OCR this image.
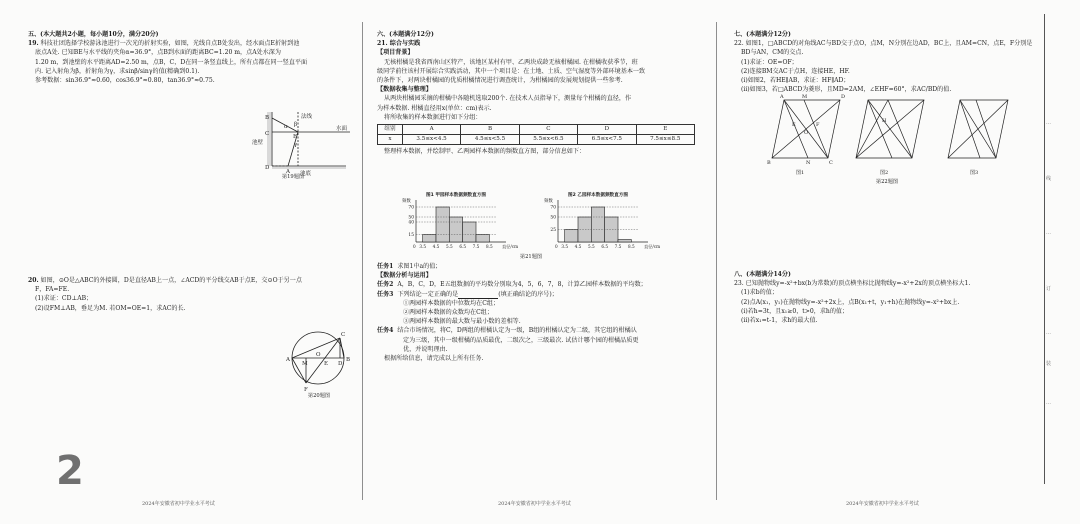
五、(本大题共2小题，每小题10分，满分20分)

19. 科技社团选择学校游泳池进行一次光的折射实验，如图，光线自点B处发出，经水面点E折射到池

底点A处. 已知BE与水平线的夹角α=36.9°，点B到水面的距离BC=1.20 m，点A处水深为

1.20 m，到池壁的水平距离AD=2.50 m，点B，C，D在同一条竖直线上，所有点都在同一竖直平面

内. 记入射角为β，折射角为γ，求sinβ/sinγ的值(精确到0.1).

参考数据：sin36.9°≈0.60，cos36.9°≈0.80，tan36.9°≈0.75.

B
C	E
D
A
α β
γ
法线
水面
池壁
池底
第19题图

20. 如图，⊙O是△ABC的外接圆，D是直径AB上一点，∠ACD的平分线交AB于点E，交⊙O于另一点

F，FA=FE.

(1)求证：CD⊥AB；

(2)设FM⊥AB，垂足为M. 若OM=OE=1，求AC的长.

A	B
C
D
E
F
M
O
第20题图
2
2024年安徽省初中学业水平考试

六、(本题满分12分)

21. 综合与实践

【项目背景】

无核柑橘是我省西南山区特产，该地区某村有甲、乙两块成龄无核柑橘园. 在柑橘收获季节，班

级同学前往该村开展综合实践活动，其中一个项目是：在土地、土质、空气湿度等外部环境基本一致

的条件下，对两块柑橘园的优质柑橘情况进行调查统计，为柑橘园的发展规划提供一些参考.

【数据收集与整理】

从两块柑橘园采摘的柑橘中各随机选取200个. 在技术人员指导下，测量每个柑橘的直径，作

为样本数据. 柑橘直径用x(单位：cm)表示.

将所收集的样本数据进行如下分组：

组别	A	B	C	D	E
x	3.5≤x<4.5	4.5≤x<5.5	5.5≤x<6.5	6.5≤x<7.5	7.5≤x≤8.5

整理样本数据，并绘制甲、乙两园样本数据的频数直方图，部分信息如下：

图1 甲园样本数据频数直方图
频数
15
40
50
70
3.5 4.5 5.5 6.5 7.5 8.5
0	直径/cm
图2 乙园样本数据频数直方图
频数
25
50
70
3.5 4.5 5.5 6.5 7.5 8.5
0	直径/cm
第21题图

任务1 求图1中a的值；

【数据分析与运用】

任务2 A，B，C，D，E五组数据的平均数分别取为4，5，6，7，8，计算乙园样本数据的平均数；

任务3 下列结论一定正确的是	(填正确结论的序号)；

①两园样本数据的中位数均在C组；

②两园样本数据的众数均在C组；

③两园样本数据的最大数与最小数的差相等.

任务4 结合市场情况，将C，D两组的柑橘认定为一级，B组的柑橘认定为二级，其它组的柑橘认

定为三级，其中一级柑橘的品质最优，二级次之，三级最次. 试估计哪个园的柑橘品质更

优，并说明理由.

根据所给信息，请完成以上所有任务.

2024年安徽省初中学业水平考试

七、(本题满分12分)

22. 如图1，□ABCD的对角线AC与BD交于点O，点M，N分别在边AD，BC上，且AM=CN，点E，F分别是

BD与AN，CM的交点.

(1)求证：OE=OF；

(2)连接BM交AC于点H，连接HE，HF.

(i)如图2，若HE∥AB，求证：HF∥AD；

(ii)如图3，若□ABCD为菱形，且MD=2AM，∠EHF=60°，求AC/BD的值.

A
B	C
D
M
N
O
E	F
H
图1	图2	图3
第22题图

八、(本题满分14分)

23. 已知抛物线y=-x²+bx(b为常数)的顶点横坐标比抛物线y=-x²+2x的顶点横坐标大1.

(1)求b的值；

(2)点A(x₁，y₁)在抛物线y=-x²+2x上，点B(x₁+t，y₁+h)在抛物线y=-x²+bx上.

(i)若h=3t，且x₁≥0，t>0，求h的值；

(ii)若x₁=t-1，求h的最大值.

2024年安徽省初中学业水平考试
…
线
…
订
…
装
…
